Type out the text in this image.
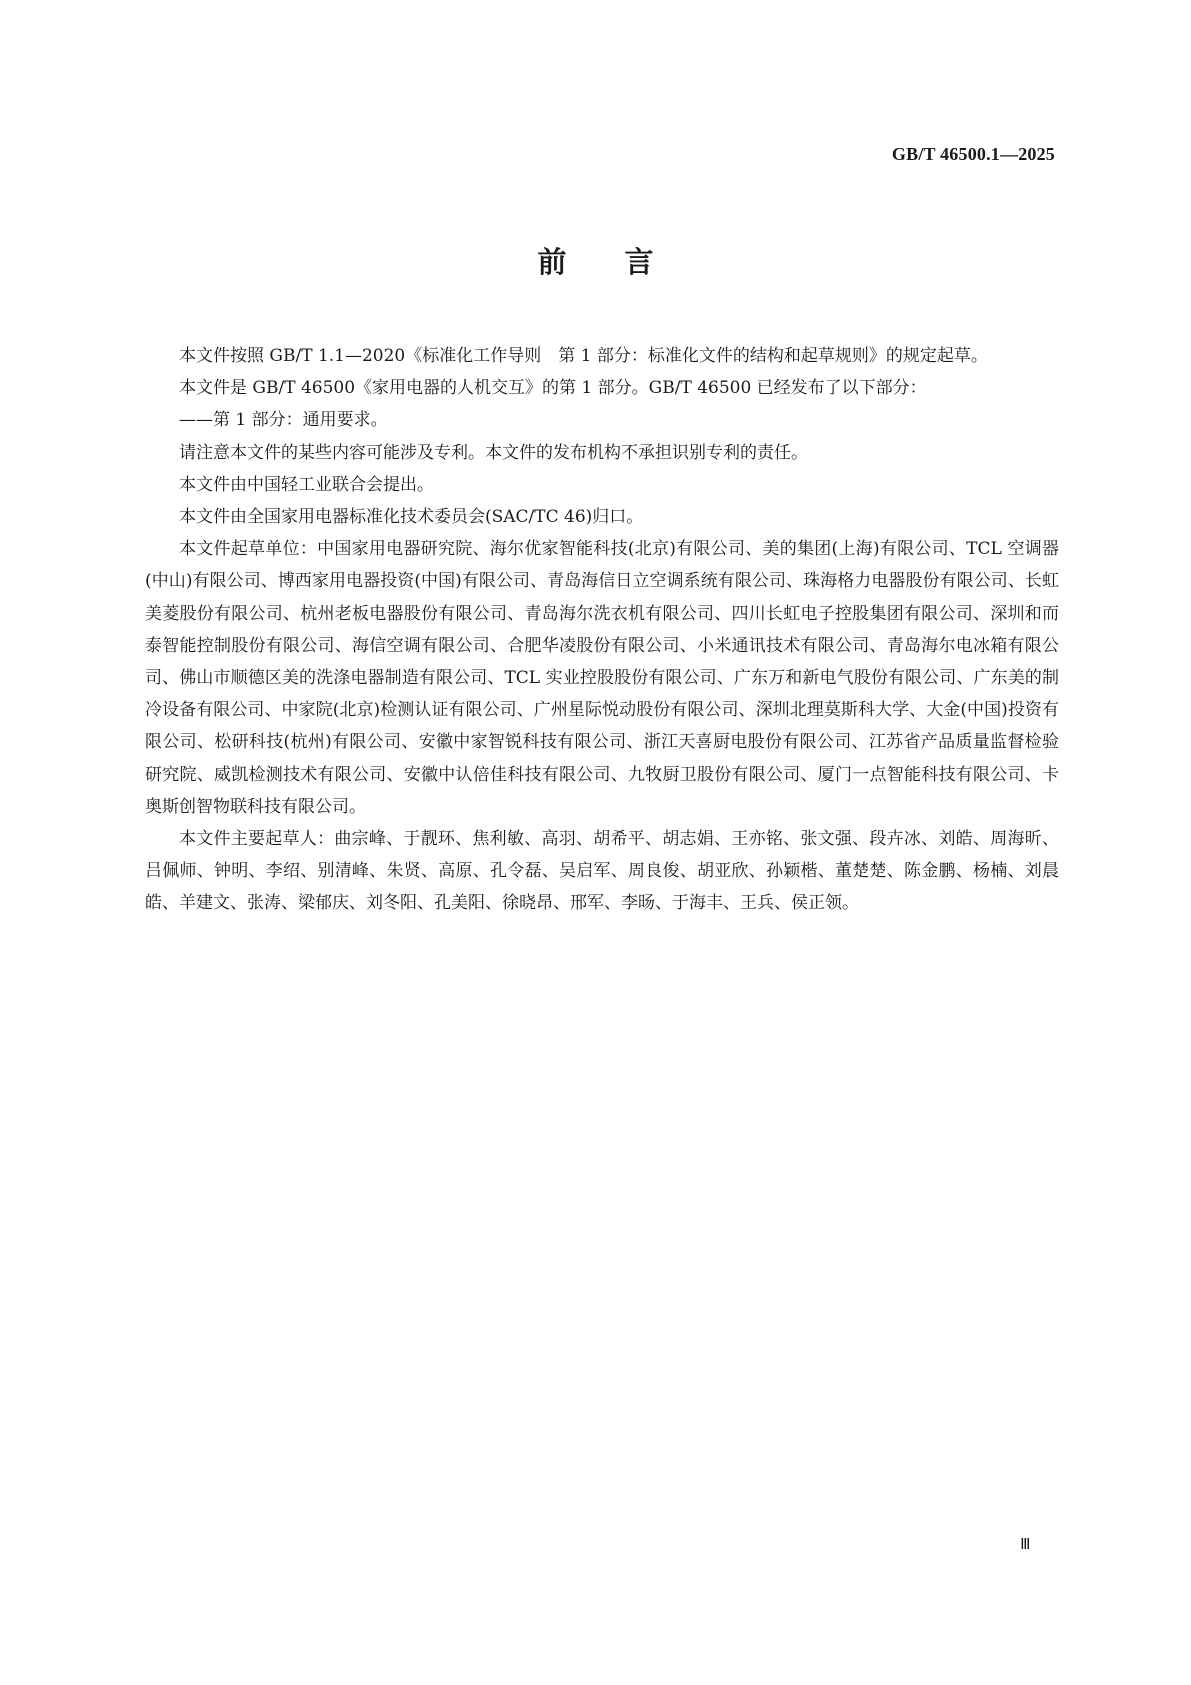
GB/T 46500.1—2025
前言

本文件按照 GB/T 1.1—2020《标准化工作导则　第 1 部分：标准化文件的结构和起草规则》的规定起草。

本文件是 GB/T 46500《家用电器的人机交互》的第 1 部分。GB/T 46500 已经发布了以下部分：

——第 1 部分：通用要求。

请注意本文件的某些内容可能涉及专利。本文件的发布机构不承担识别专利的责任。

本文件由中国轻工业联合会提出。

本文件由全国家用电器标准化技术委员会(SAC/TC 46)归口。

本文件起草单位：中国家用电器研究院、海尔优家智能科技(北京)有限公司、美的集团(上海)有限公司、TCL 空调器(中山)有限公司、博西家用电器投资(中国)有限公司、青岛海信日立空调系统有限公司、珠海格力电器股份有限公司、长虹美菱股份有限公司、杭州老板电器股份有限公司、青岛海尔洗衣机有限公司、四川长虹电子控股集团有限公司、深圳和而泰智能控制股份有限公司、海信空调有限公司、合肥华凌股份有限公司、小米通讯技术有限公司、青岛海尔电冰箱有限公司、佛山市顺德区美的洗涤电器制造有限公司、TCL 实业控股股份有限公司、广东万和新电气股份有限公司、广东美的制冷设备有限公司、中家院(北京)检测认证有限公司、广州星际悦动股份有限公司、深圳北理莫斯科大学、大金(中国)投资有限公司、松研科技(杭州)有限公司、安徽中家智锐科技有限公司、浙江天喜厨电股份有限公司、江苏省产品质量监督检验研究院、威凯检测技术有限公司、安徽中认倍佳科技有限公司、九牧厨卫股份有限公司、厦门一点智能科技有限公司、卡奥斯创智物联科技有限公司。

本文件主要起草人：曲宗峰、于靓环、焦利敏、高羽、胡希平、胡志娟、王亦铭、张文强、段卉冰、刘皓、周海昕、吕佩师、钟明、李绍、别清峰、朱贤、高原、孔令磊、吴启军、周良俊、胡亚欣、孙颖楷、董楚楚、陈金鹏、杨楠、刘晨皓、羊建文、张涛、梁郁庆、刘冬阳、孔美阳、徐晓昂、邢军、李旸、于海丰、王兵、侯正领。

Ⅲ
